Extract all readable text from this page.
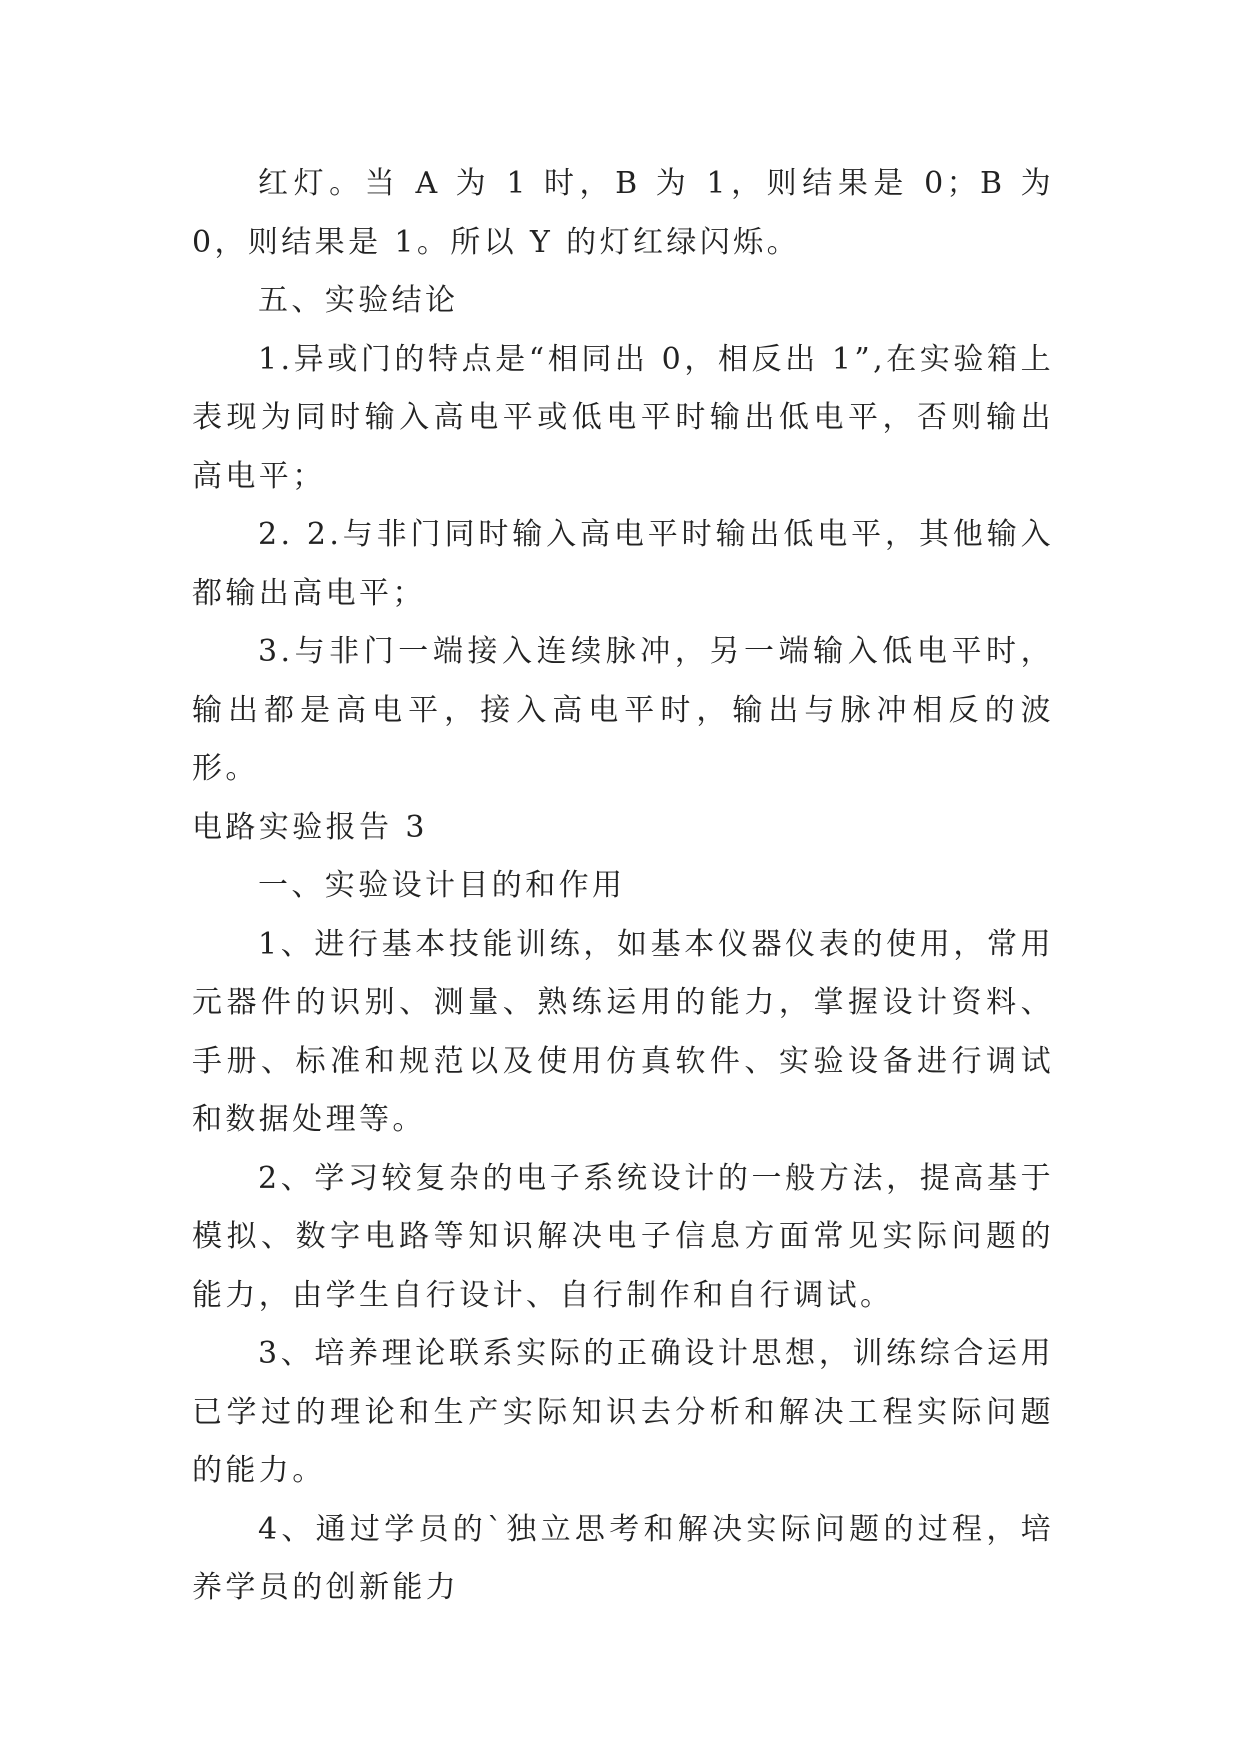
红灯。当 A 为 1 时，B 为 1，则结果是 0；B 为 0，则结果是 1。所以 Y 的灯红绿闪烁。

五、实验结论

1.异或门的特点是“相同出 0，相反出 1”,在实验箱上表现为同时输入高电平或低电平时输出低电平，否则输出高电平；

2. 2.与非门同时输入高电平时输出低电平，其他输入都输出高电平；

3.与非门一端接入连续脉冲，另一端输入低电平时，输出都是高电平，接入高电平时，输出与脉冲相反的波形。

电路实验报告 3

一、实验设计目的和作用

1、进行基本技能训练，如基本仪器仪表的使用，常用元器件的识别、测量、熟练运用的能力，掌握设计资料、手册、标准和规范以及使用仿真软件、实验设备进行调试和数据处理等。

2、学习较复杂的电子系统设计的一般方法，提高基于模拟、数字电路等知识解决电子信息方面常见实际问题的能力，由学生自行设计、自行制作和自行调试。

3、培养理论联系实际的正确设计思想，训练综合运用已学过的理论和生产实际知识去分析和解决工程实际问题的能力。

4、通过学员的`独立思考和解决实际问题的过程，培养学员的创新能力
